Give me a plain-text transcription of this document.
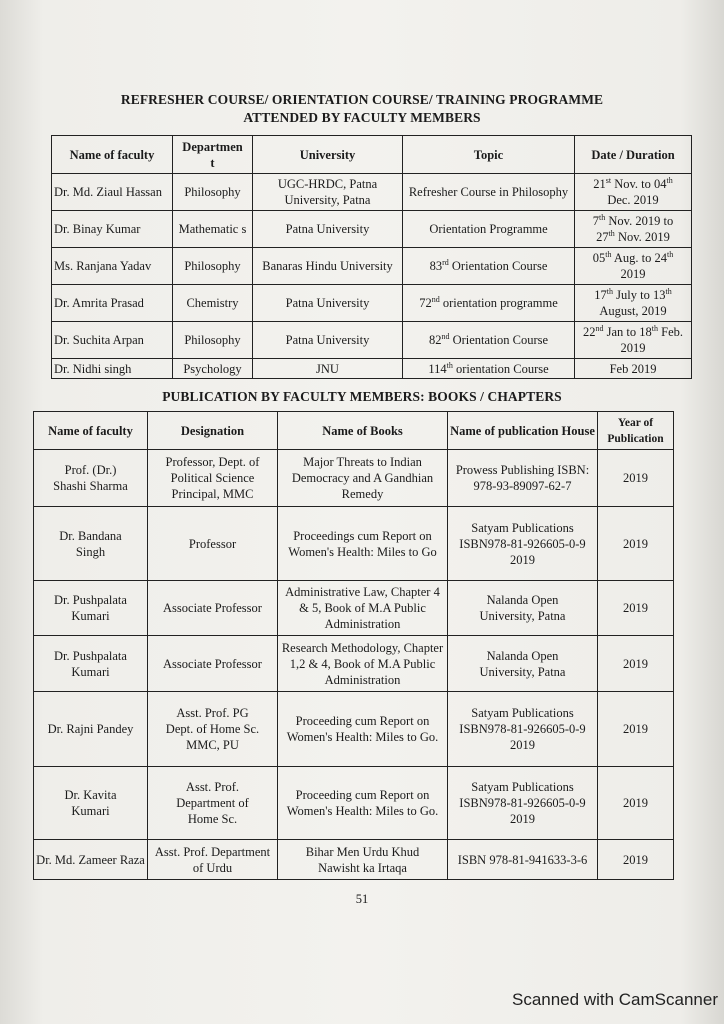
REFRESHER COURSE/ ORIENTATION COURSE/ TRAINING PROGRAMME
ATTENDED BY FACULTY MEMBERS
Name of faculty	Departmen t	University	Topic	Date / Duration
Dr. Md. Ziaul Hassan	Philosophy	UGC-HRDC, Patna University, Patna	Refresher Course in Philosophy	21st Nov. to 04th
Dec. 2019
Dr. Binay Kumar	Mathematic s	Patna University	Orientation Programme	7th Nov. 2019 to
27th Nov. 2019
Ms. Ranjana Yadav	Philosophy	Banaras Hindu University	83rd Orientation Course	05th Aug. to 24th
2019
Dr. Amrita Prasad	Chemistry	Patna University	72nd orientation programme	17th July to 13th
August, 2019
Dr. Suchita Arpan	Philosophy	Patna University	82nd Orientation Course	22nd Jan to 18th Feb.
2019
Dr. Nidhi singh	Psychology	JNU	114th orientation Course	Feb 2019
PUBLICATION BY FACULTY MEMBERS: BOOKS / CHAPTERS
Name of faculty	Designation	Name of Books	Name of publication House	Year of Publication
Prof. (Dr.) Shashi Sharma	Professor, Dept. of Political Science Principal, MMC	Major Threats to Indian Democracy and A Gandhian Remedy	Prowess Publishing ISBN: 978-93-89097-62-7	2019
Dr. Bandana Singh	Professor	Proceedings cum Report on Women's Health: Miles to Go	Satyam Publications ISBN978-81-926605-0-9 2019	2019
Dr. Pushpalata Kumari	Associate Professor	Administrative Law, Chapter 4 & 5, Book of M.A Public Administration	Nalanda Open University, Patna	2019
Dr. Pushpalata Kumari	Associate Professor	Research Methodology, Chapter 1,2 & 4, Book of M.A Public Administration	Nalanda Open University, Patna	2019
Dr. Rajni Pandey	Asst. Prof. PG Dept. of Home Sc. MMC, PU	Proceeding cum Report on Women's Health: Miles to Go.	Satyam Publications ISBN978-81-926605-0-9 2019	2019
Dr. Kavita Kumari	Asst. Prof. Department of Home Sc.	Proceeding cum Report on Women's Health: Miles to Go.	Satyam Publications ISBN978-81-926605-0-9 2019	2019
Dr. Md. Zameer Raza	Asst. Prof. Department of Urdu	Bihar Men Urdu Khud Nawisht ka Irtaqa	ISBN 978-81-941633-3-6	2019
51
Scanned with CamScanner
